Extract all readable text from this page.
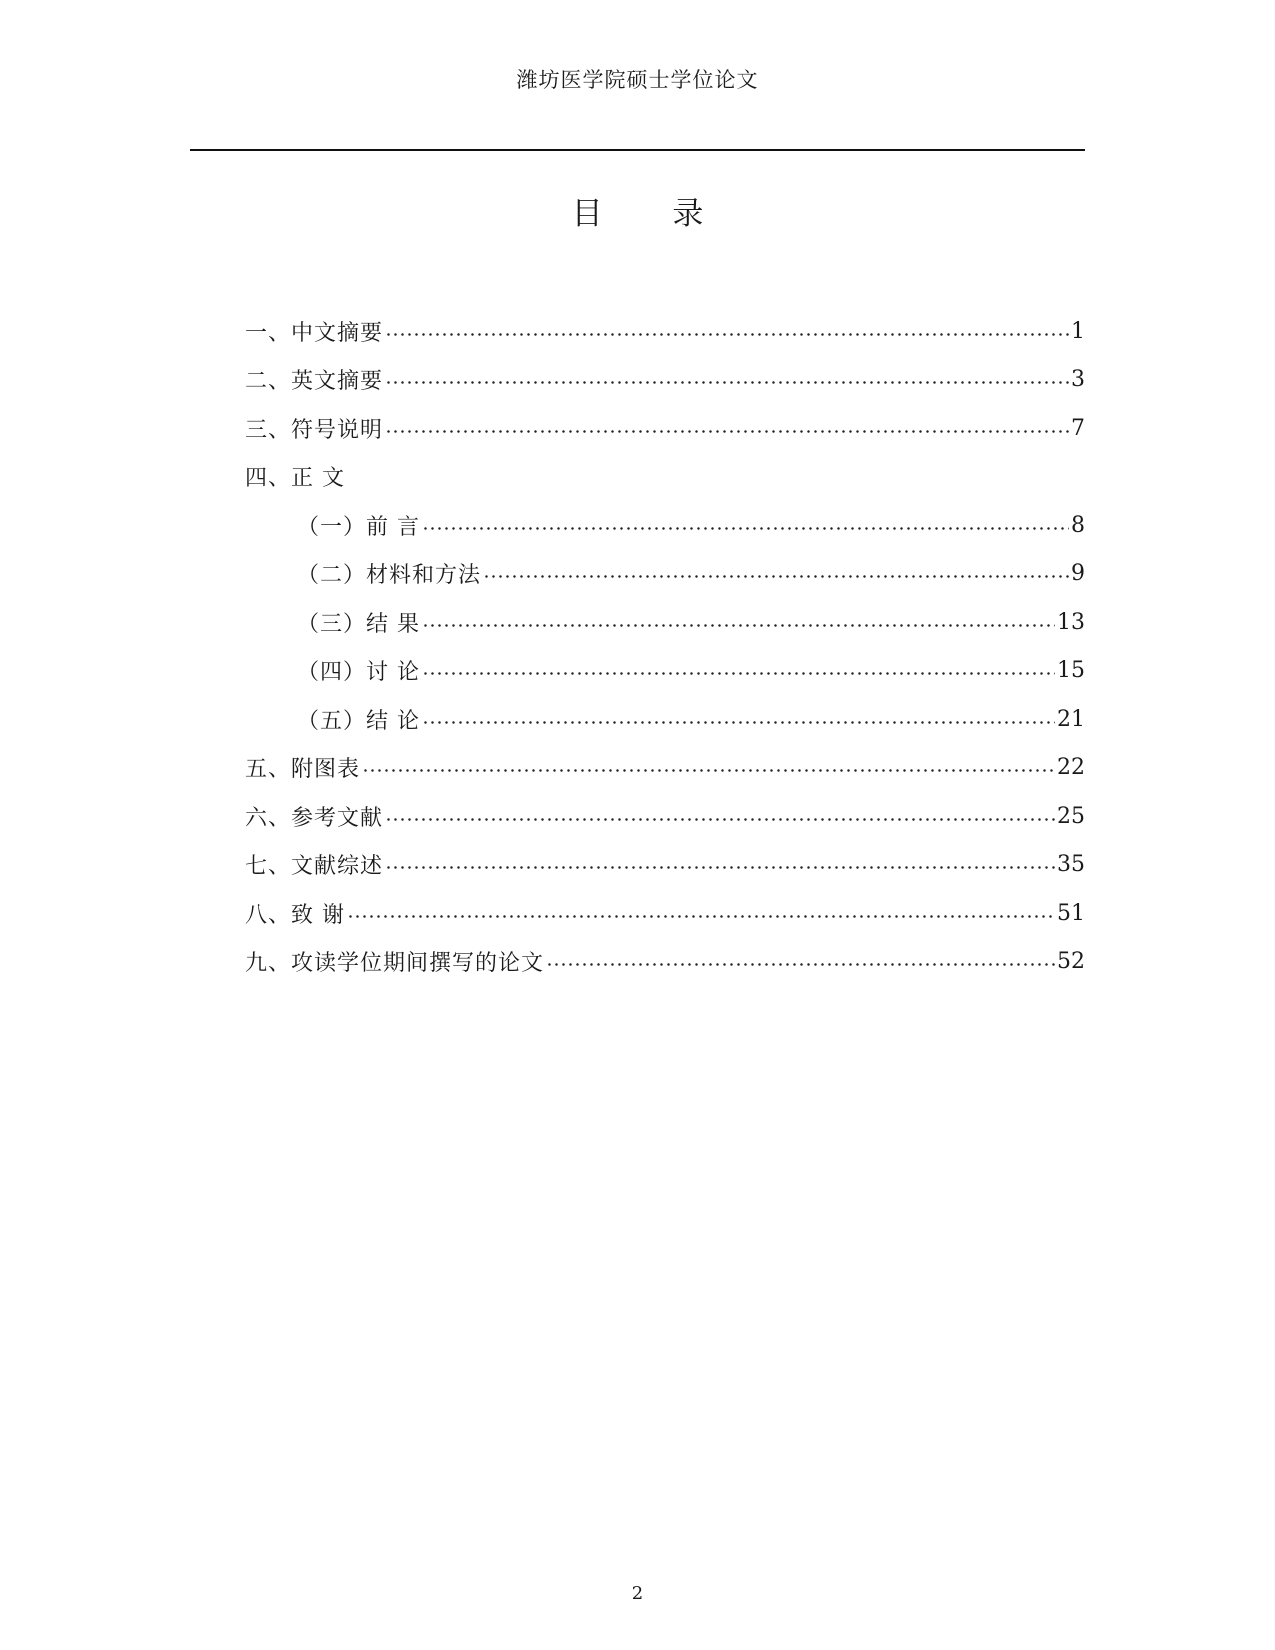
潍坊医学院硕士学位论文
目 录
一、中文摘要	1
二、英文摘要	3
三、符号说明	7
四、正 文
（一）前 言	8
（二）材料和方法	9
（三）结 果	13
（四）讨 论	15
（五）结 论	21
五、附图表	22
六、参考文献	25
七、文献综述	35
八、致 谢	51
九、攻读学位期间撰写的论文	52
2
